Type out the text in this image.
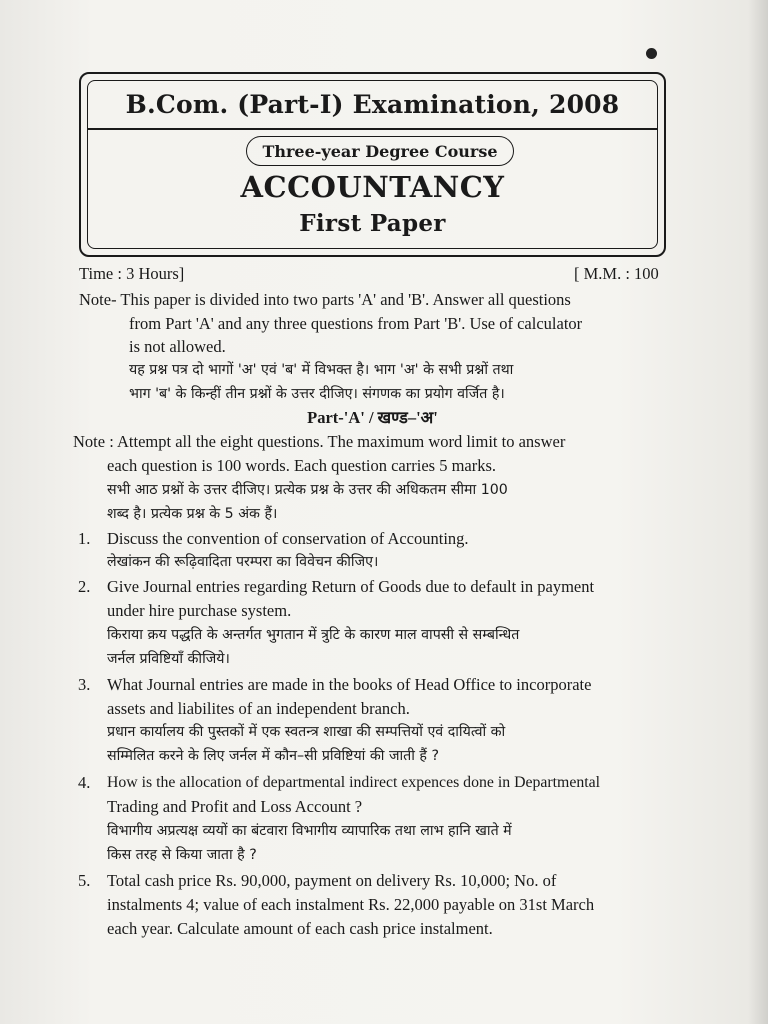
B.Com. (Part-I) Examination, 2008
Three-year Degree Course
ACCOUNTANCY
First Paper
Time : 3 Hours]	[ M.M. : 100
Note- This paper is divided into two parts 'A' and 'B'. Answer all questions
from Part 'A' and any three questions from Part 'B'. Use of calculator
is not allowed.
यह प्रश्न पत्र दो भागों 'अ' एवं 'ब' में विभक्त है। भाग 'अ' के सभी प्रश्नों तथा
भाग 'ब' के किन्हीं तीन प्रश्नों के उत्तर दीजिए। संगणक का प्रयोग वर्जित है।
Part-'A' / खण्ड–'अ'
Note : Attempt all the eight questions. The maximum word limit to answer
each question is 100 words. Each question carries 5 marks.
सभी आठ प्रश्नों के उत्तर दीजिए। प्रत्येक प्रश्न के उत्तर की अधिकतम सीमा 100
शब्द है। प्रत्येक प्रश्न के 5 अंक हैं।
1. Discuss the convention of conservation of Accounting.
लेखांकन की रूढ़िवादिता परम्परा का विवेचन कीजिए।
2. Give Journal entries regarding Return of Goods due to default in payment
under hire purchase system.
किराया क्रय पद्धति के अन्तर्गत भुगतान में त्रुटि के कारण माल वापसी से सम्बन्धित
जर्नल प्रविष्टियाँ कीजिये।
3. What Journal entries are made in the books of Head Office to incorporate
assets and liabilites of an independent branch.
प्रधान कार्यालय की पुस्तकों में एक स्वतन्त्र शाखा की सम्पत्तियों एवं दायित्वों को
सम्मिलित करने के लिए जर्नल में कौन–सी प्रविष्टियां की जाती हैं ?
4. How is the allocation of departmental indirect expences done in Departmental
Trading and Profit and Loss Account ?
विभागीय अप्रत्यक्ष व्ययों का बंटवारा विभागीय व्यापारिक तथा लाभ हानि खाते में
किस तरह से किया जाता है ?
5. Total cash price Rs. 90,000, payment on delivery Rs. 10,000; No. of
instalments 4; value of each instalment Rs. 22,000 payable on 31st March
each year. Calculate amount of each cash price instalment.
